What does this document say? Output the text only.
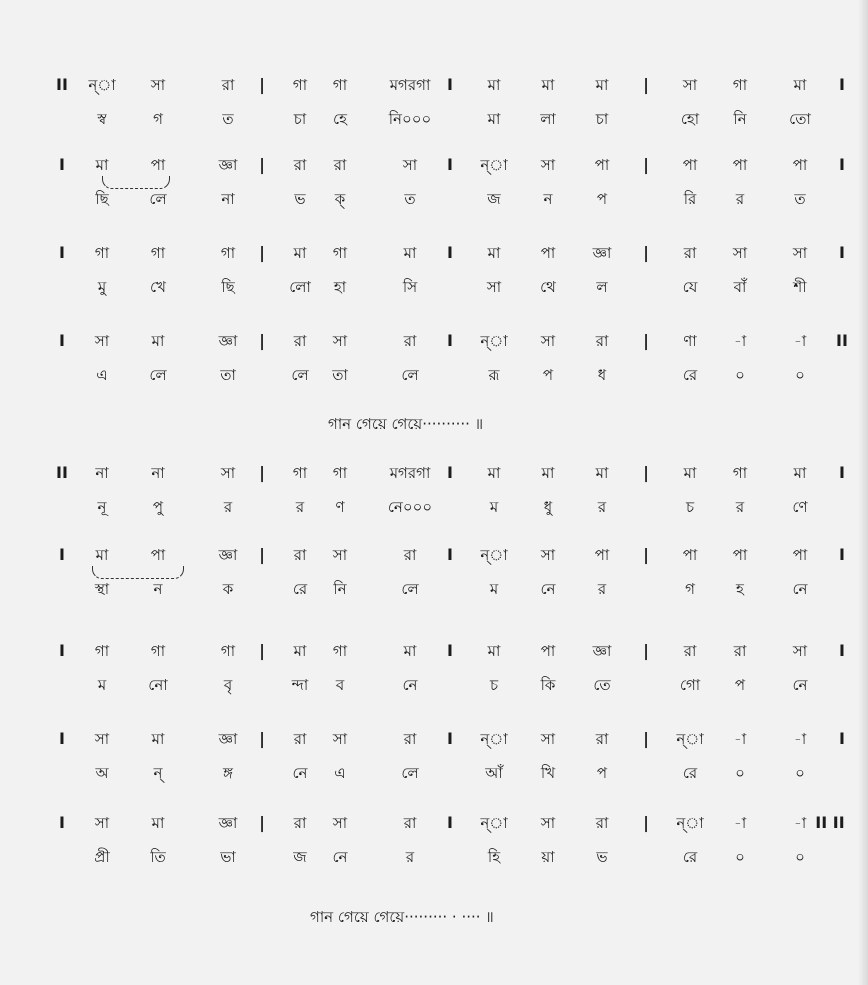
II ন্া সা	রা | গা গা	মগরগা I মা	মা	মা | সা গা	মা I
স্ব	গ	ত	চা হে	নি০০০	মা	লা	চা	হো নি	তো
I মা	পা	জ্ঞা | রা রা	সা I ন্া সা	পা | পা পা	পা I
ছি	লে	না	ভ ক্	ত	জ	ন	প	রি	র	ত
I গা	গা	গা | মা গা	মা I মা	পা জ্ঞা | রা সা	সা I
মু	খে	ছি	লো হা	সি	সা	থে	ল	যে বাঁ	শী
I সা	মা	জ্ঞা | রা সা	রা I ন্া সা	রা | ণা -া	-া II
এ	লে	তা	লে তা	লে	রূ	প	ধ	রে	০	০
গান গেয়ে গেয়ে·········· ॥
II না	না	সা | গা গা	মগরগা I মা	মা	মা | মা গা	মা I
নূ	পু	র	র ণ	নে০০০	ম	ধু	র	চ	র	ণে
I মা	পা	জ্ঞা | রা সা	রা I ন্া সা	পা | পা পা	পা I
স্থা	ন	ক	রে নি	লে	ম	নে	র	গ	হ	নে
I গা	গা	গা | মা গা	মা I মা	পা জ্ঞা | রা রা	সা I
ম	নো	বৃ	ন্দা ব	নে	চ	কি	তে	গো প	নে
I সা	মা	জ্ঞা | রা সা	রা I ন্া সা	রা | ন্া -া	-া I
অ	ন্	ঙ্গ	নে এ	লে	আঁ	খি	প	রে	০	০
I সা	মা	জ্ঞা | রা সা	রা I ন্া সা	রা | ন্া -া	-া II II
প্রী	তি	ভা	জ নে	র	হি	য়া	ভ	রে	০	০
গান গেয়ে গেয়ে········· · ···· ॥
